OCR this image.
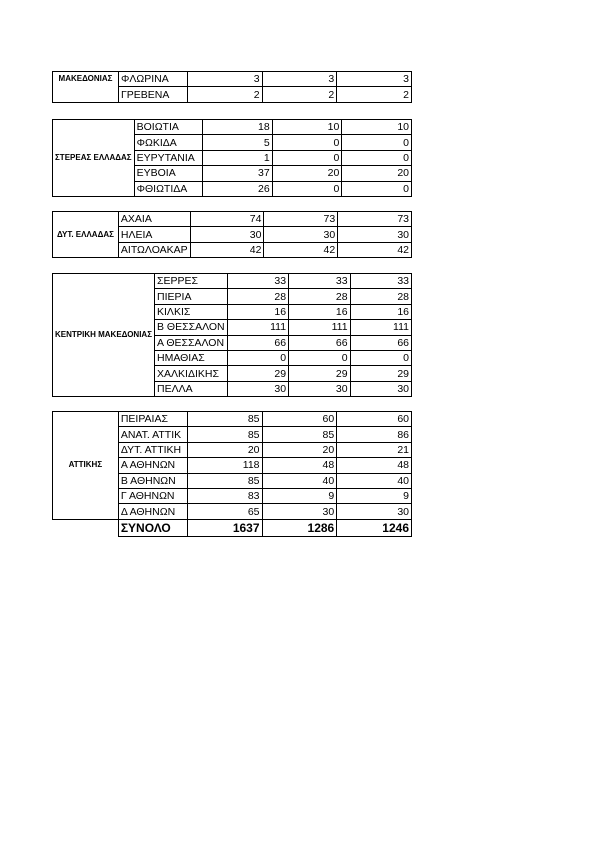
ΜΑΚΕΔΟΝΙΑΣ	ΦΛΩΡΙΝΑ	3	3	3
	ΓΡΕΒΕΝΑ	2	2	2
ΣΤΕΡΕΑΣ ΕΛΛΑΔΑΣ	ΒΟΙΩΤΙΑ	18	10	10
	ΦΩΚΙΔΑ	5	0	0
	ΕΥΡΥΤΑΝΙΑ	1	0	0
	ΕΥΒΟΙΑ	37	20	20
	ΦΘΙΩΤΙΔΑ	26	0	0
ΔΥΤ. ΕΛΛΑΔΑΣ	ΑΧΑΙΑ	74	73	73
	ΗΛΕΙΑ	30	30	30
	ΑΙΤΩΛΟΑΚΑΡ	42	42	42
ΚΕΝΤΡΙΚΗ ΜΑΚΕΔΟΝΙΑΣ	ΣΕΡΡΕΣ	33	33	33
	ΠΙΕΡΙΑ	28	28	28
	ΚΙΛΚΙΣ	16	16	16
	Β ΘΕΣΣΑΛΟΝ	111	111	111
	Α ΘΕΣΣΑΛΟΝ	66	66	66
	ΗΜΑΘΙΑΣ	0	0	0
	ΧΑΛΚΙΔΙΚΗΣ	29	29	29
	ΠΕΛΛΑ	30	30	30
ΑΤΤΙΚΗΣ	ΠΕΙΡΑΙΑΣ	85	60	60
	ΑΝΑΤ. ΑΤΤΙΚ	85	85	86
	ΔΥΤ. ΑΤΤΙΚΗ	20	20	21
	Α ΑΘΗΝΩΝ	118	48	48
	Β ΑΘΗΝΩΝ	85	40	40
	Γ ΑΘΗΝΩΝ	83	9	9
	Δ ΑΘΗΝΩΝ	65	30	30
	ΣΥΝΟΛΟ	1637	1286	1246
